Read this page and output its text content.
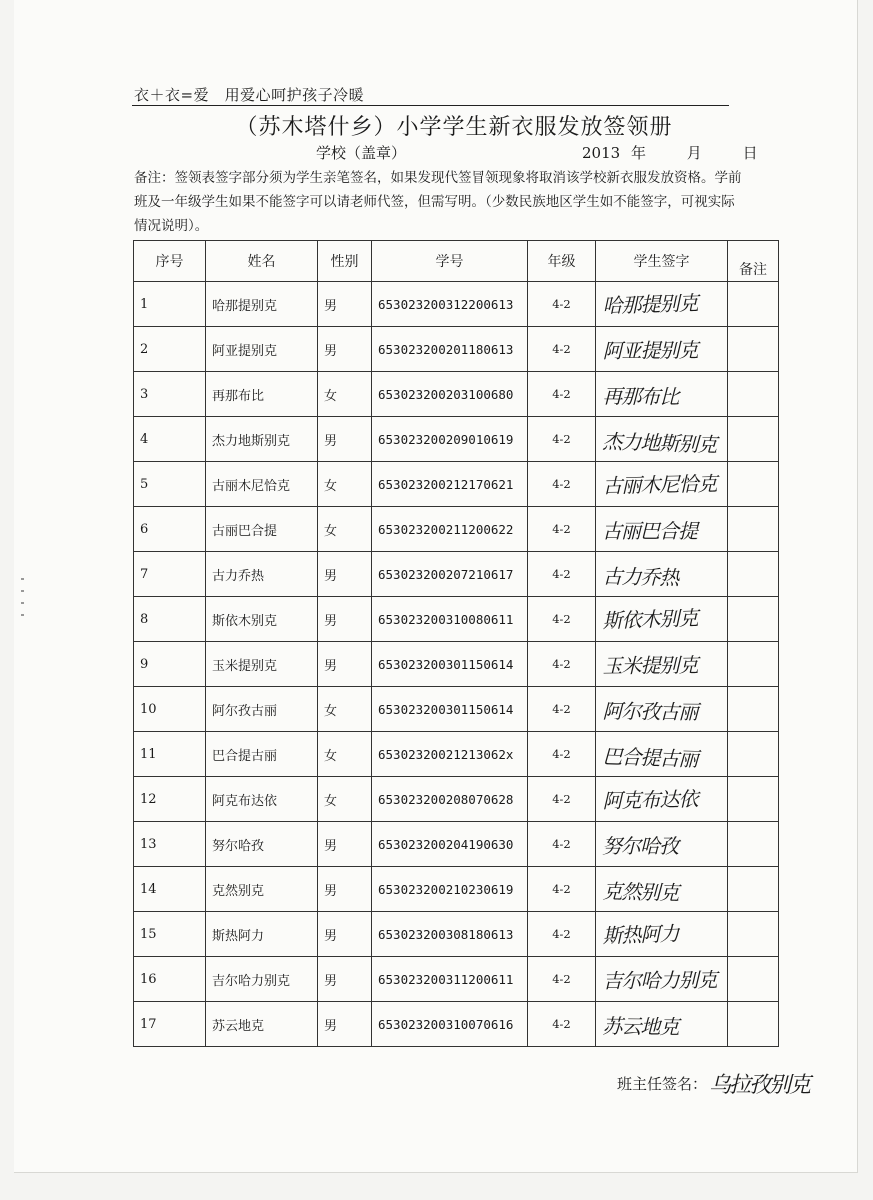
衣＋衣=爱　用爱心呵护孩子冷暖
（苏木塔什乡）小学学生新衣服发放签领册
学校（盖章）	2013 年	月	日
备注：签领表签字部分须为学生亲笔签名，如果发现代签冒领现象将取消该学校新衣服发放资格。学前班及一年级学生如果不能签字可以请老师代签，但需写明。（少数民族地区学生如不能签字，可视实际情况说明）。
序号	姓名	性别	学号	年级	学生签字	备注
1	哈那提别克	男	653023200312200613	4-2	哈那提别克	
2	阿亚提别克	男	653023200201180613	4-2	阿亚提别克	
3	再那布比	女	653023200203100680	4-2	再那布比	
4	杰力地斯别克	男	653023200209010619	4-2	杰力地斯别克	
5	古丽木尼恰克	女	653023200212170621	4-2	古丽木尼恰克	
6	古丽巴合提	女	653023200211200622	4-2	古丽巴合提	
7	古力乔热	男	653023200207210617	4-2	古力乔热	
8	斯依木别克	男	653023200310080611	4-2	斯依木别克	
9	玉米提别克	男	653023200301150614	4-2	玉米提别克	
10	阿尔孜古丽	女	653023200301150614	4-2	阿尔孜古丽	
11	巴合提古丽	女	65302320021213062x	4-2	巴合提古丽	
12	阿克布达依	女	653023200208070628	4-2	阿克布达依	
13	努尔哈孜	男	653023200204190630	4-2	努尔哈孜	
14	克然别克	男	653023200210230619	4-2	克然别克	
15	斯热阿力	男	653023200308180613	4-2	斯热阿力	
16	吉尔哈力别克	男	653023200311200611	4-2	吉尔哈力别克	
17	苏云地克	男	653023200310070616	4-2	苏云地克	
班主任签名：乌拉孜别克
